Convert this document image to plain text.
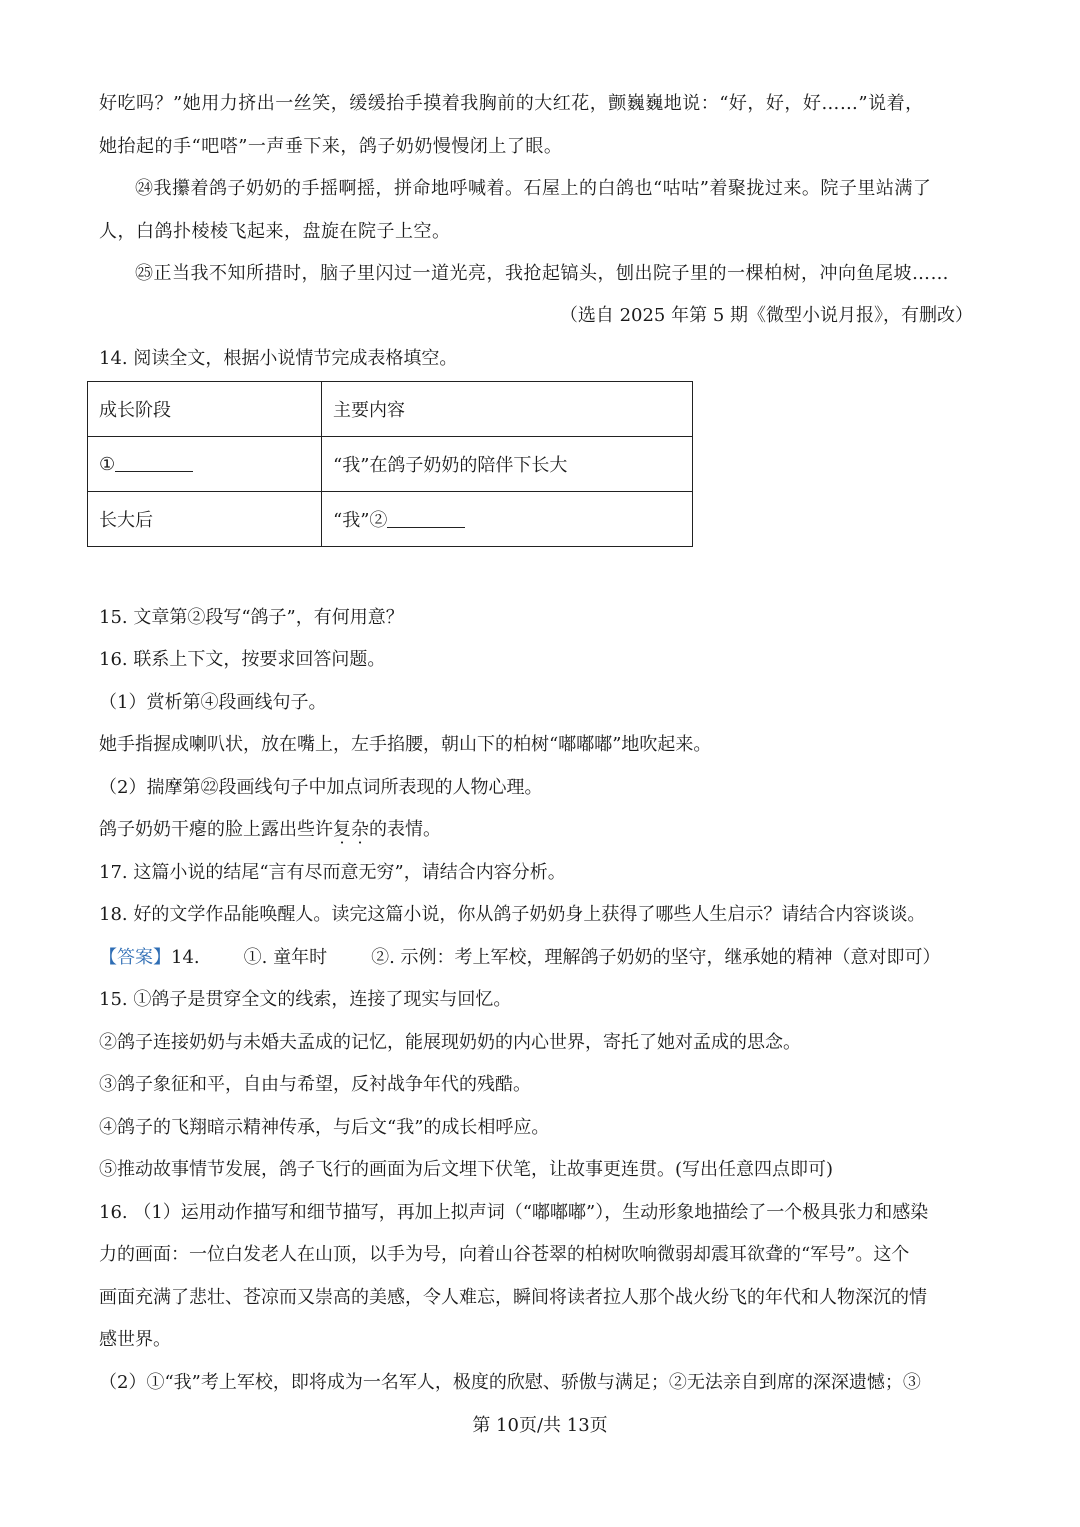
好吃吗？”她用力挤出一丝笑，缓缓抬手摸着我胸前的大红花，颤巍巍地说：“好，好，好……”说着，
她抬起的手“吧嗒”一声垂下来，鸽子奶奶慢慢闭上了眼。
㉔我攥着鸽子奶奶的手摇啊摇，拼命地呼喊着。石屋上的白鸽也“咕咕”着聚拢过来。院子里站满了
人，白鸽扑棱棱飞起来，盘旋在院子上空。
㉕正当我不知所措时，脑子里闪过一道光亮，我抢起镐头，刨出院子里的一棵柏树，冲向鱼尾坡……
（选自 2025 年第 5 期《微型小说月报》，有删改）
14. 阅读全文，根据小说情节完成表格填空。
成长阶段	主要内容
①	“我”在鸽子奶奶的陪伴下长大
长大后	“我”②
15. 文章第②段写“鸽子”，有何用意？
16. 联系上下文，按要求回答问题。
（1）赏析第④段画线句子。
她手指握成喇叭状，放在嘴上，左手掐腰，朝山下的柏树“嘟嘟嘟”地吹起来。
（2）揣摩第㉒段画线句子中加点词所表现的人物心理。
鸽子奶奶干瘪的脸上露出些许复杂的表情。
17. 这篇小说的结尾“言有尽而意无穷”，请结合内容分析。
18. 好的文学作品能唤醒人。读完这篇小说，你从鸽子奶奶身上获得了哪些人生启示？请结合内容谈谈。
【答案】14. ①. 童年时 ②. 示例：考上军校，理解鸽子奶奶的坚守，继承她的精神（意对即可）
15. ①鸽子是贯穿全文的线索，连接了现实与回忆。
②鸽子连接奶奶与未婚夫孟成的记忆，能展现奶奶的内心世界，寄托了她对孟成的思念。
③鸽子象征和平，自由与希望，反衬战争年代的残酷。
④鸽子的飞翔暗示精神传承，与后文“我”的成长相呼应。
⑤推动故事情节发展，鸽子飞行的画面为后文埋下伏笔，让故事更连贯。(写出任意四点即可)
16. （1）运用动作描写和细节描写，再加上拟声词（“嘟嘟嘟”），生动形象地描绘了一个极具张力和感染
力的画面：一位白发老人在山顶，以手为号，向着山谷苍翠的柏树吹响微弱却震耳欲聋的“军号”。这个
画面充满了悲壮、苍凉而又崇高的美感，令人难忘，瞬间将读者拉人那个战火纷飞的年代和人物深沉的情
感世界。
（2）①“我”考上军校，即将成为一名军人，极度的欣慰、骄傲与满足；②无法亲自到席的深深遗憾；③
第 10页/共 13页
